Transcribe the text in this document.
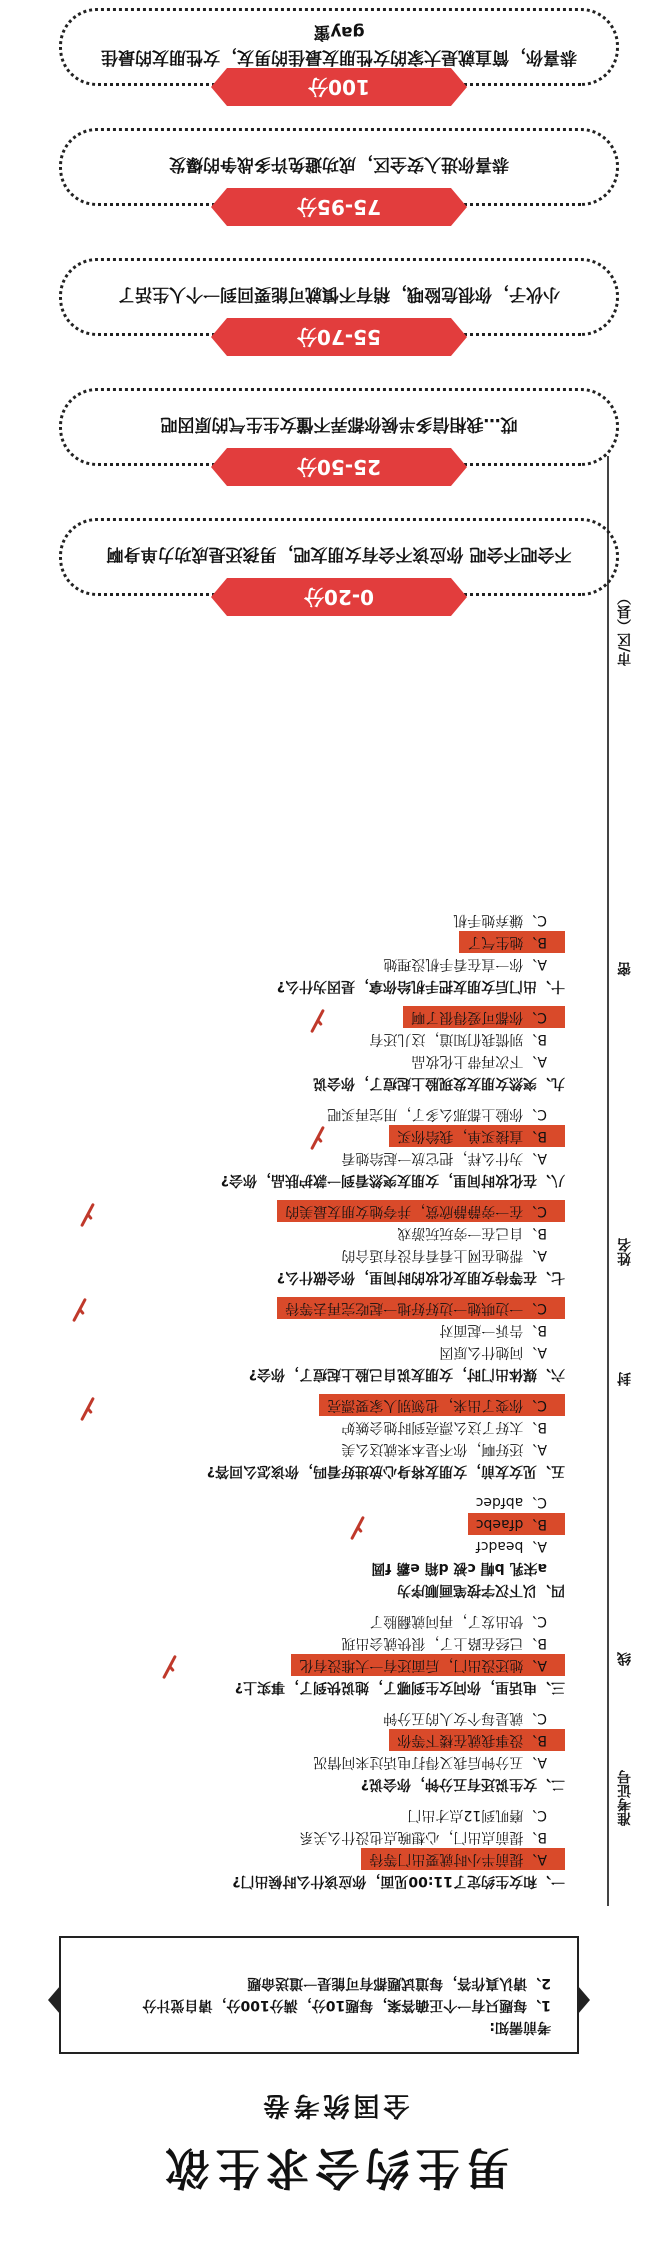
男生约会求生欲
全国统考卷
考前需知:
1、每题只有一个正确答案，每题10分，满分100分，请自觉计分
2、请认真作答，每道试题都有可能是一道送命题
准考证号
线
封
姓名
密
市/区（县）
一、和女生约定了11:00见面，你应该什么时候出门?
A、提前半小时就要出门等待
B、提前点出门，心想晚点也没什么关系
C、磨叽到12点才出门
二、女生说还有五分钟，你会说?
A、五分钟后我又得打电话过来问情况
B、没事我就在楼下等你
C、就是每个女人的五分钟
三、电话里，你问女生到哪了，她说快到了，事实上?
A、她还没出门，后面还有一大堆没有化
B、已经在路上了，很快就会出现
C、快出发了，再问就翻脸了
四、以下汉字按笔画顺序为
a宋乳 b帽 c被 d箱 e霸 f圆
A、beadcf
B、dfaebc
C、abfdec
五、见女友前，女朋友将身心放进好看吗，你该怎么回答?
A、还好啊，你不是本来就这么美
B、太好了这么漂亮到时她会嫉妒
C、你变了出来，也领别人家要漂亮
六、媒体出门时，女朋友说自己脸上起痘了，你会?
A、问她什么原因
B、告诉一起面对
C、一边哄她一边好好地一起吃完再去等待
七、在等待女朋友化妆的时间里，你会做什么?
A、帮她在网上看看有没有适合的
B、自己在一旁玩玩游戏
C、在一旁静静欣赏，并夸她女朋友最美的
八、在化妆时间里，女朋友突然看到一款护肤品，你会?
A、为什么样，把它放一起给她看
B、直接买单，我给你买
C、你脸上都那么多了，用完再买吧
九、突然女朋友发现脸上起痘了，你会说
A、下次再带上化妆品
B、别慌我们知道，这儿还有
C、你都可爱得很了啊
十、出门后女朋友把手机给你拿，是因为什么?
A、你一直在看手机没理她
B、她生气了
C、嫌弃她手机
0-20分
不会吧不会吧 你应该不会有女朋友吧，男孩还是成功力单身啊
25-50分
哎…我相信多半候你都弄不懂女生生气的原因吧
55-70分
小伙子，你很危险哦，稍有不慎就可能要回到一个人生活了
75-95分
恭喜你进入安全区，成功避免许多战争的爆发
100分
恭喜你，简直就是大家的女性朋友最佳的男友，女性朋友的最佳gay蜜
